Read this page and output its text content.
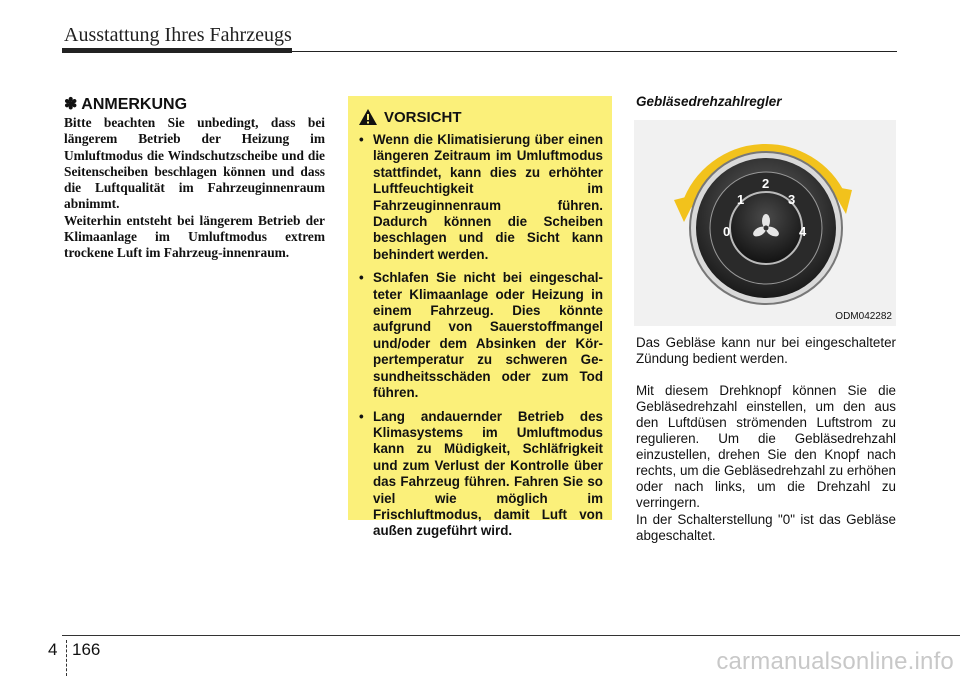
Ausstattung Ihres Fahrzeugs
✽ ANMERKUNG

Bitte beachten Sie unbedingt, dass bei längerem Betrieb der Heizung im Umluftmodus die Windschutzscheibe und die Seitenscheiben beschlagen können und dass die Luftqualität im Fahrzeuginnenraum abnimmt.

Weiterhin entsteht bei längerem Betrieb der Klimaanlage im Umluftmodus extrem trockene Luft im Fahrzeug-innenraum.

VORSICHT
• Wenn die Klimatisierung über einen längeren Zeitraum im Umluftmodus stattfindet, kann dies zu erhöhter Luftfeuchtigkeit im Fahrzeuginnenraum führen. Dadurch können die Scheiben beschlagen und die Sicht kann behindert werden.
• Schlafen Sie nicht bei eingeschal-teter Klimaanlage oder Heizung in einem Fahrzeug. Dies könnte aufgrund von Sauerstoffmangel und/oder dem Absinken der Kör-pertemperatur zu schweren Ge-sundheitsschäden oder zum Tod führen.
• Lang andauernder Betrieb des Klimasystems im Umluftmodus kann zu Müdigkeit, Schläfrigkeit und zum Verlust der Kontrolle über das Fahrzeug führen. Fahren Sie so viel wie möglich im Frischluftmodus, damit Luft von außen zugeführt wird.
Gebläsedrehzahlregler
0
1
2
3
4
ODM042282

Das Gebläse kann nur bei eingeschalteter Zündung bedient werden.

Mit diesem Drehknopf können Sie die Gebläsedrehzahl einstellen, um den aus den Luftdüsen strömenden Luftstrom zu regulieren. Um die Gebläsedrehzahl einzustellen, drehen Sie den Knopf nach rechts, um die Gebläsedrehzahl zu erhöhen oder nach links, um die Drehzahl zu verringern.

In der Schalterstellung "0" ist das Gebläse abgeschaltet.

4 166	carmanualsonline.info
